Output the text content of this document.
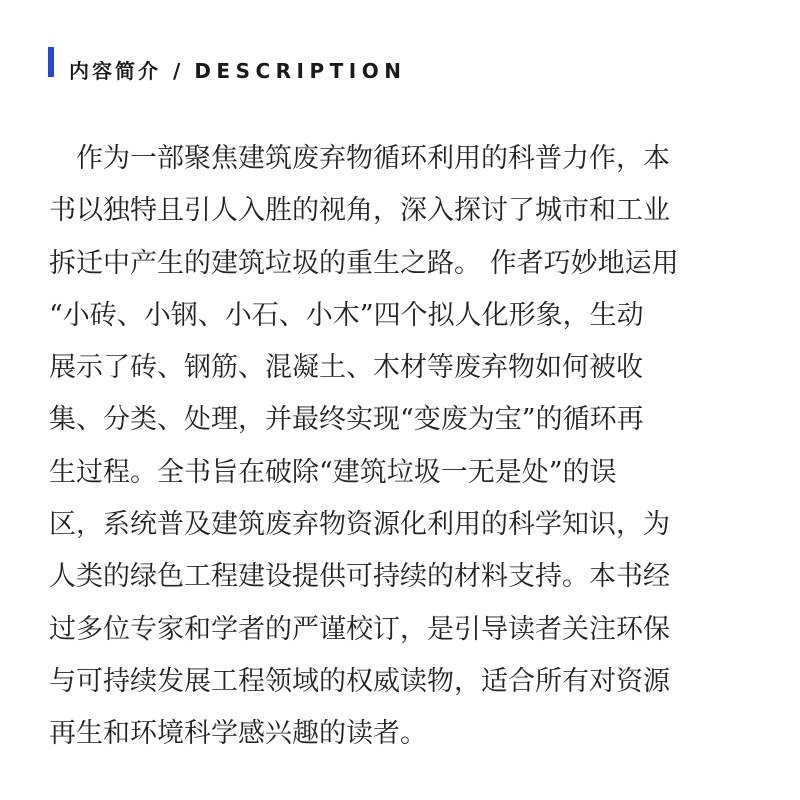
内容简介 / DESCRIPTION

　作为一部聚焦建筑废弃物循环利用的科普力作，本
书以独特且引人入胜的视角，深入探讨了城市和工业
拆迁中产生的建筑垃圾的重生之路。 作者巧妙地运用
“小砖、小钢、小石、小木”四个拟人化形象，生动
展示了砖、钢筋、混凝土、木材等废弃物如何被收
集、分类、处理，并最终实现“变废为宝”的循环再
生过程。全书旨在破除“建筑垃圾一无是处”的误
区，系统普及建筑废弃物资源化利用的科学知识，为
人类的绿色工程建设提供可持续的材料支持。本书经
过多位专家和学者的严谨校订，是引导读者关注环保
与可持续发展工程领域的权威读物，适合所有对资源
再生和环境科学感兴趣的读者。
